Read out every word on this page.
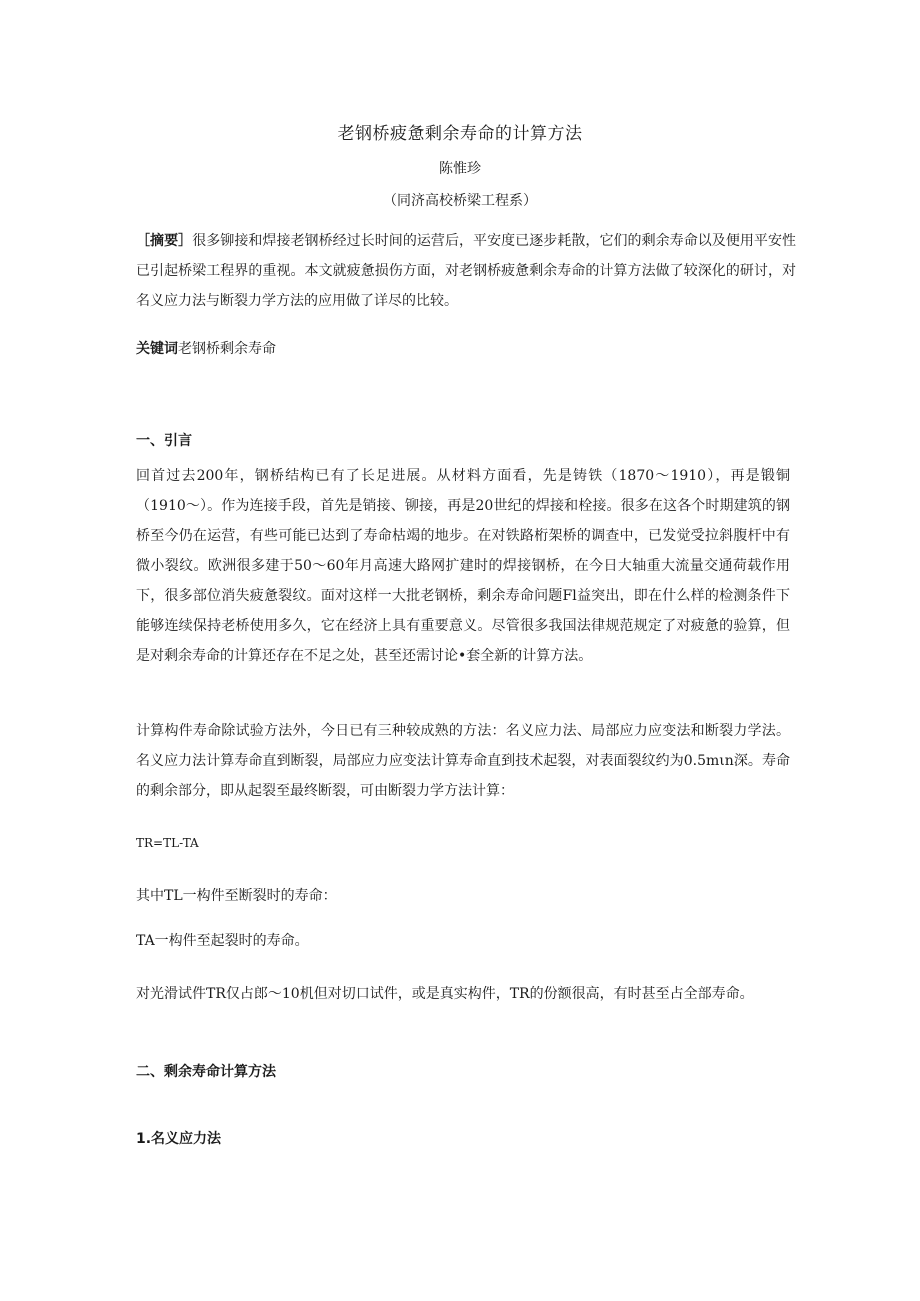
老钢桥疲惫剩余寿命的计算方法
陈惟珍
（同济高校桥梁工程系）
［摘要］很多铆接和焊接老钢桥经过长时间的运营后，平安度已逐步耗散，它们的剩余寿命以及便用平安性已引起桥梁工程界的重视。本文就疲惫损伤方面，对老钢桥疲惫剩余寿命的计算方法做了较深化的研讨，对名义应力法与断裂力学方法的应用做了详尽的比较。
关键词老钢桥剩余寿命
一、引言
回首过去200年，钢桥结构已有了长足进展。从材料方面看，先是铸铁（1870～1910），再是锻铜（1910～）。作为连接手段，首先是销接、铆接，再是20世纪的焊接和栓接。很多在这各个时期建筑的钢桥至今仍在运营，有些可能已达到了寿命枯竭的地步。在对铁路桁架桥的调查中，已发觉受拉斜腹杆中有微小裂纹。欧洲很多建于50～60年月高速大路网扩建时的焊接钢桥，在今日大轴重大流量交通荷载作用下，很多部位消失疲惫裂纹。面对这样一大批老钢桥，剩余寿命问题Fl益突出，即在什么样的检测条件下能够连续保持老桥使用多久，它在经济上具有重要意义。尽管很多我国法律规范规定了对疲惫的验算，但是对剩余寿命的计算还存在不足之处，甚至还需讨论•套全新的计算方法。
计算构件寿命除试验方法外，今日已有三种较成熟的方法：名义应力法、局部应力应变法和断裂力学法。名义应力法计算寿命直到断裂，局部应力应变法计算寿命直到技术起裂，对表面裂纹约为0.5mιn深。寿命的剩余部分，即从起裂至最终断裂，可由断裂力学方法计算：
TR=TL-TA
其中TL一构件至断裂时的寿命：
TA一构件至起裂时的寿命。
对光滑试件TR仅占郎～10机但对切口试件，或是真实构件，TR的份额很高，有时甚至占全部寿命。
二、剩余寿命计算方法
1.名义应力法
